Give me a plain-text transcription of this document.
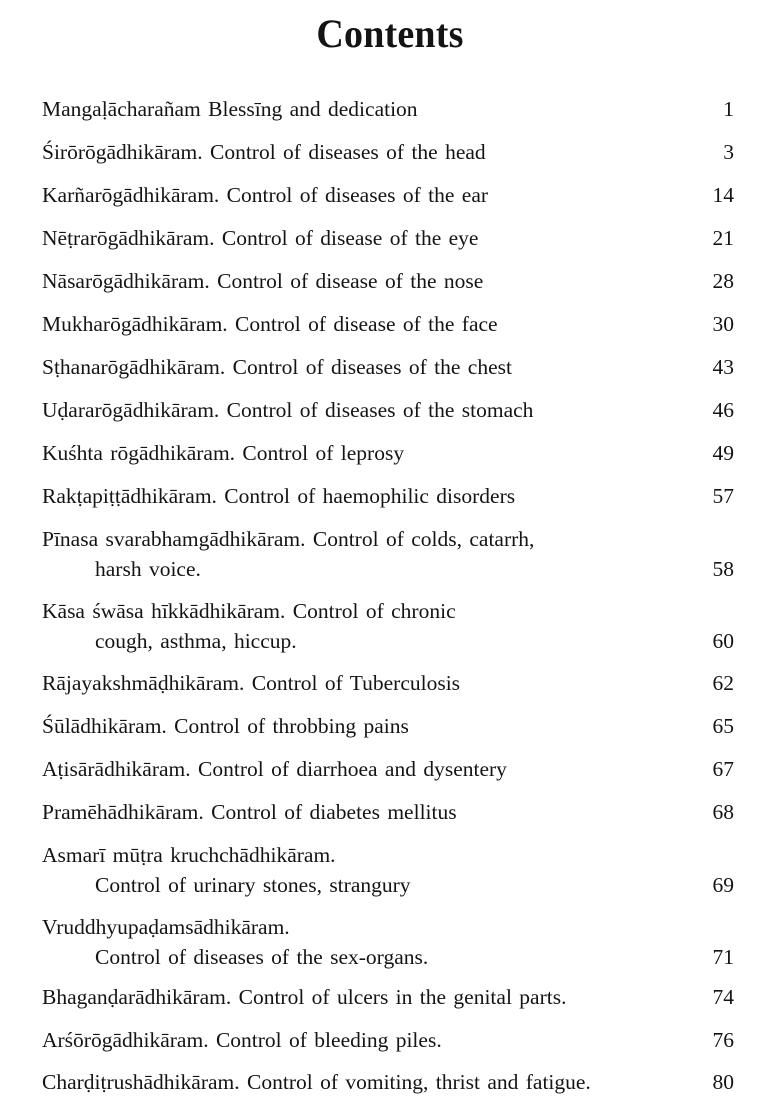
Contents
Mangaḷācharañam Blessīng and dedication	1
Śirōrōgādhikāram. Control of diseases of the head	3
Karñarōgādhikāram. Control of diseases of the ear	14
Nēṭrarōgādhikāram. Control of disease of the eye	21
Nāsarōgādhikāram. Control of disease of the nose	28
Mukharōgādhikāram. Control of disease of the face	30
Sṭhanarōgādhikāram. Control of diseases of the chest	43
Uḍararōgādhikāram. Control of diseases of the stomach	46
Kuśhta rōgādhikāram. Control of leprosy	49
Rakṭapiṭṭādhikāram. Control of haemophilic disorders	57
Pīnasa svarabhamgādhikāram. Control of colds, catarrh,
harsh voice.	58
Kāsa śwāsa hīkkādhikāram. Control of chronic
cough, asthma, hiccup.	60
Rājayakshmāḍhikāram. Control of Tuberculosis	62
Śūlādhikāram. Control of throbbing pains	65
Aṭisārādhikāram. Control of diarrhoea and dysentery	67
Pramēhādhikāram. Control of diabetes mellitus	68
Asmarī mūṭra kruchchādhikāram.
Control of urinary stones, strangury	69
Vruddhyupaḍamsādhikāram.
Control of diseases of the sex-organs.	71
Bhaganḍarādhikāram. Control of ulcers in the genital parts.	74
Arśōrōgādhikāram. Control of bleeding piles.	76
Charḍiṭrushādhikāram. Control of vomiting, thrist and fatigue.	80
